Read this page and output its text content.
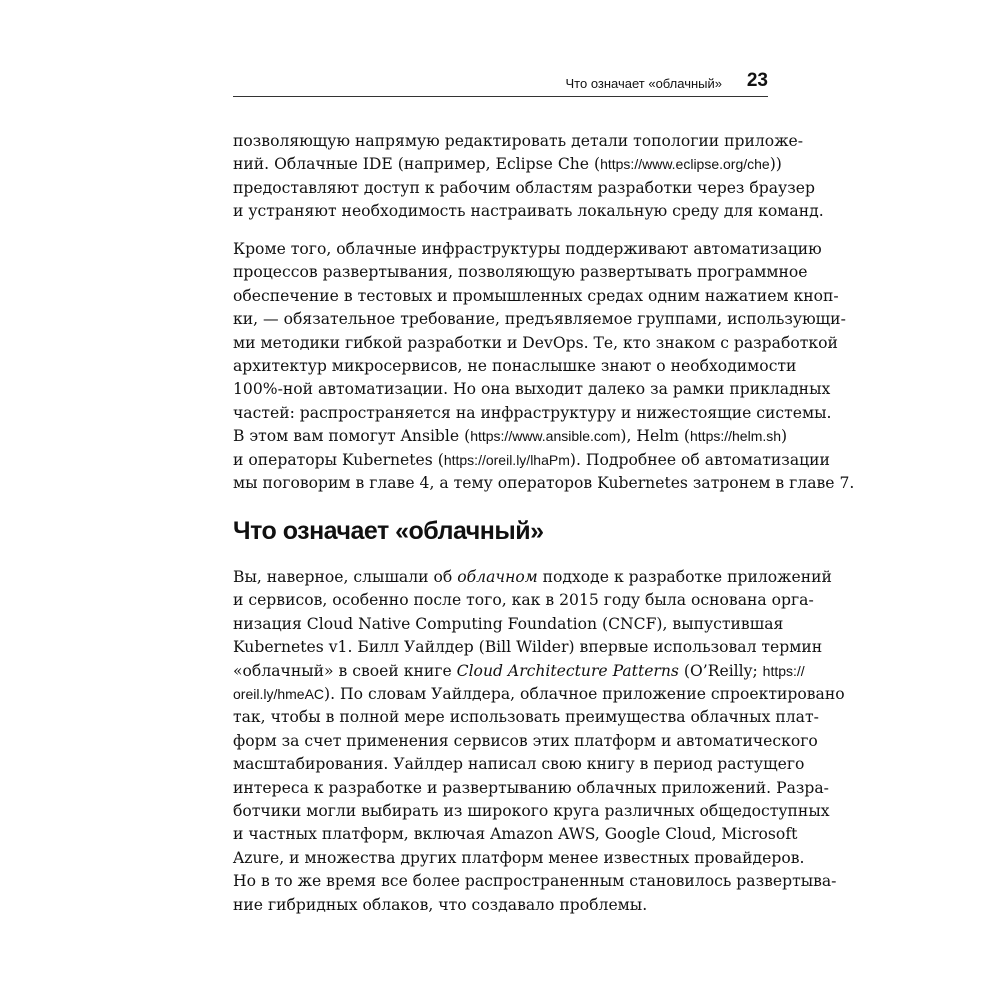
Что означает «облачный» 23
позволяющую напрямую редактировать детали топологии приложе-
ний. Облачные IDE (например, Eclipse Che (https://www.eclipse.org/che))
предоставляют доступ к рабочим областям разработки через браузер
и устраняют необходимость настраивать локальную среду для команд.
Кроме того, облачные инфраструктуры поддерживают автоматизацию
процессов развертывания, позволяющую развертывать программное
обеспечение в тестовых и промышленных средах одним нажатием кноп-
ки, — обязательное требование, предъявляемое группами, использующи-
ми методики гибкой разработки и DevOps. Те, кто знаком с разработкой
архитектур микросервисов, не понаслышке знают о необходимости
100%-ной автоматизации. Но она выходит далеко за рамки прикладных
частей: распространяется на инфраструктуру и нижестоящие системы.
В этом вам помогут Ansible (https://www.ansible.com), Helm (https://helm.sh)
и операторы Kubernetes (https://oreil.ly/lhaPm). Подробнее об автоматизации
мы поговорим в главе 4, а тему операторов Kubernetes затронем в главе 7.
Что означает «облачный»
Вы, наверное, слышали об облачном подходе к разработке приложений
и сервисов, особенно после того, как в 2015 году была основана орга-
низация Cloud Native Computing Foundation (CNCF), выпустившая
Kubernetes v1. Билл Уайлдер (Bill Wilder) впервые использовал термин
«облачный» в своей книге Cloud Architecture Patterns (O’Reilly; https://
oreil.ly/hmeAC). По словам Уайлдера, облачное приложение спроектировано
так, чтобы в полной мере использовать преимущества облачных плат-
форм за счет применения сервисов этих платформ и автоматического
масштабирования. Уайлдер написал свою книгу в период растущего
интереса к разработке и развертыванию облачных приложений. Разра-
ботчики могли выбирать из широкого круга различных общедоступных
и частных платформ, включая Amazon AWS, Google Cloud, Microsoft
Azure, и множества других платформ менее известных провайдеров.
Но в то же время все более распространенным становилось развертыва-
ние гибридных облаков, что создавало проблемы.
